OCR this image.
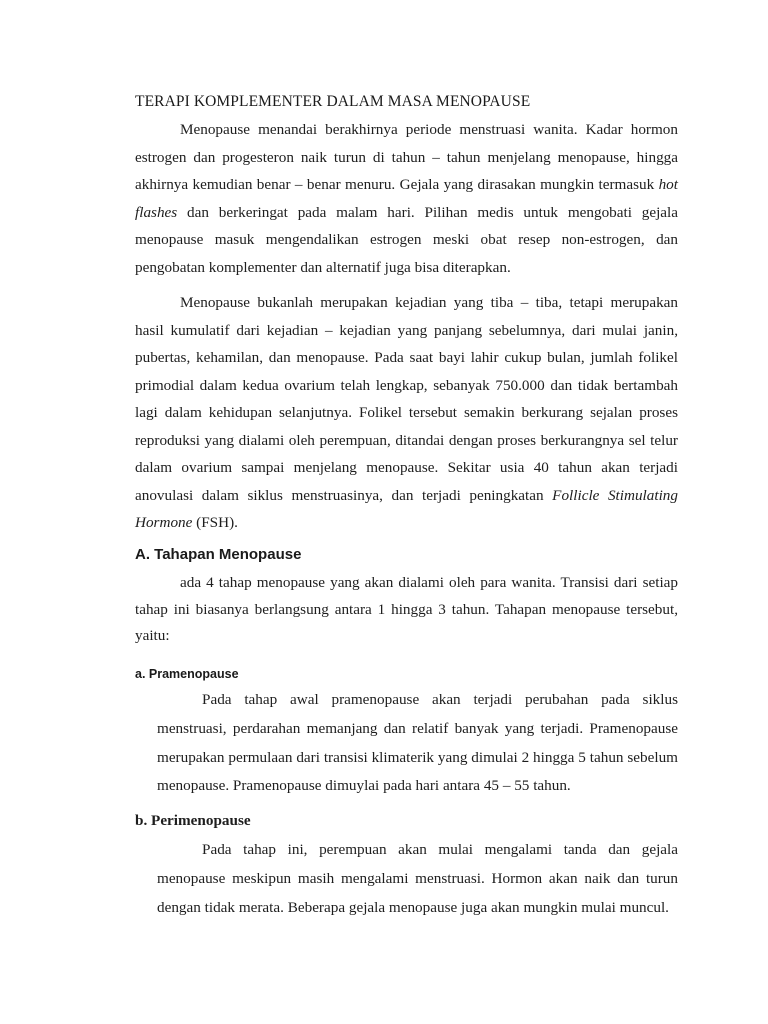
TERAPI KOMPLEMENTER DALAM MASA MENOPAUSE

Menopause menandai berakhirnya periode menstruasi wanita. Kadar hormon estrogen dan progesteron naik turun di tahun – tahun menjelang menopause, hingga akhirnya kemudian benar – benar menuru. Gejala yang dirasakan mungkin termasuk hot flashes dan berkeringat pada malam hari. Pilihan medis untuk mengobati gejala menopause masuk mengendalikan estrogen meski obat resep non-estrogen, dan pengobatan komplementer dan alternatif juga bisa diterapkan.

Menopause bukanlah merupakan kejadian yang tiba – tiba, tetapi merupakan hasil kumulatif dari kejadian – kejadian yang panjang sebelumnya, dari mulai janin, pubertas, kehamilan, dan menopause. Pada saat bayi lahir cukup bulan, jumlah folikel primodial dalam kedua ovarium telah lengkap, sebanyak 750.000 dan tidak bertambah lagi dalam kehidupan selanjutnya. Folikel tersebut semakin berkurang sejalan proses reproduksi yang dialami oleh perempuan, ditandai dengan proses berkurangnya sel telur dalam ovarium sampai menjelang menopause. Sekitar usia 40 tahun akan terjadi anovulasi dalam siklus menstruasinya, dan terjadi peningkatan Follicle Stimulating Hormone (FSH).

A. Tahapan Menopause

ada 4 tahap menopause yang akan dialami oleh para wanita. Transisi dari setiap tahap ini biasanya berlangsung antara 1 hingga 3 tahun. Tahapan menopause tersebut, yaitu:

a. Pramenopause

Pada tahap awal pramenopause akan terjadi perubahan pada siklus menstruasi, perdarahan memanjang dan relatif banyak yang terjadi. Pramenopause merupakan permulaan dari transisi klimaterik yang dimulai 2 hingga 5 tahun sebelum menopause. Pramenopause dimuylai pada hari antara 45 – 55 tahun.

b. Perimenopause

Pada tahap ini, perempuan akan mulai mengalami tanda dan gejala menopause meskipun masih mengalami menstruasi. Hormon akan naik dan turun dengan tidak merata. Beberapa gejala menopause juga akan mungkin mulai muncul.
